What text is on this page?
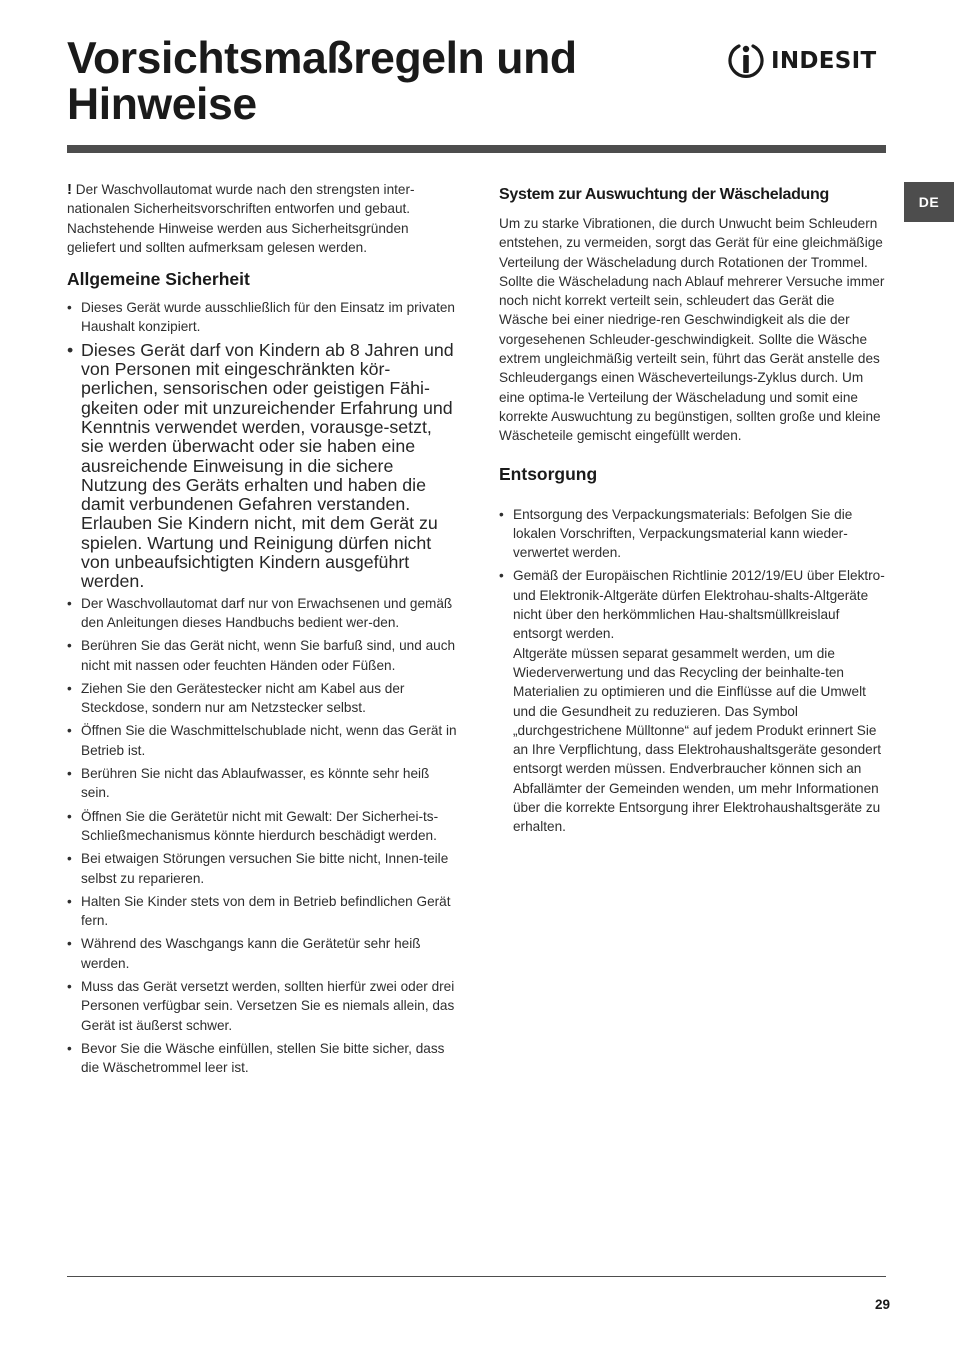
Vorsichtsmaßregeln und Hinweise
INDESIT
DE

! Der Waschvollautomat wurde nach den strengsten inter-nationalen Sicherheitsvorschriften entworfen und gebaut. Nachstehende Hinweise werden aus Sicherheitsgründen geliefert und sollten aufmerksam gelesen werden.

Allgemeine Sicherheit
• Dieses Gerät wurde ausschließlich für den Einsatz im privaten Haushalt konzipiert.
• Dieses Gerät darf von Kindern ab 8 Jahren und von Personen mit eingeschränkten kör-perlichen, sensorischen oder geistigen Fähi-gkeiten oder mit unzureichender Erfahrung und Kenntnis verwendet werden, vorausge-setzt, sie werden überwacht oder sie haben eine ausreichende Einweisung in die sichere Nutzung des Geräts erhalten und haben die damit verbundenen Gefahren verstanden. Erlauben Sie Kindern nicht, mit dem Gerät zu spielen. Wartung und Reinigung dürfen nicht von unbeaufsichtigten Kindern ausgeführt werden.
• Der Waschvollautomat darf nur von Erwachsenen und gemäß den Anleitungen dieses Handbuchs bedient wer-den.
• Berühren Sie das Gerät nicht, wenn Sie barfuß sind, und auch nicht mit nassen oder feuchten Händen oder Füßen.
• Ziehen Sie den Gerätestecker nicht am Kabel aus der Steckdose, sondern nur am Netzstecker selbst.
• Öffnen Sie die Waschmittelschublade nicht, wenn das Gerät in Betrieb ist.
• Berühren Sie nicht das Ablaufwasser, es könnte sehr heiß sein.
• Öffnen Sie die Gerätetür nicht mit Gewalt: Der Sicherhei-ts-Schließmechanismus könnte hierdurch beschädigt werden.
• Bei etwaigen Störungen versuchen Sie bitte nicht, Innen-teile selbst zu reparieren.
• Halten Sie Kinder stets von dem in Betrieb befindlichen Gerät fern.
• Während des Waschgangs kann die Gerätetür sehr heiß werden.
• Muss das Gerät versetzt werden, sollten hierfür zwei oder drei Personen verfügbar sein. Versetzen Sie es niemals allein, das Gerät ist äußerst schwer.
• Bevor Sie die Wäsche einfüllen, stellen Sie bitte sicher, dass die Wäschetrommel leer ist.
System zur Auswuchtung der Wäscheladung

Um zu starke Vibrationen, die durch Unwucht beim Schleudern entstehen, zu vermeiden, sorgt das Gerät für eine gleichmäßige Verteilung der Wäscheladung durch Rotationen der Trommel. Sollte die Wäscheladung nach Ablauf mehrerer Versuche immer noch nicht korrekt verteilt sein, schleudert das Gerät die Wäsche bei einer niedrige-ren Geschwindigkeit als die der vorgesehenen Schleuder-geschwindigkeit. Sollte die Wäsche extrem ungleichmäßig verteilt sein, führt das Gerät anstelle des Schleudergangs einen Wäscheverteilungs-Zyklus durch. Um eine optima-le Verteilung der Wäscheladung und somit eine korrekte Auswuchtung zu begünstigen, sollten große und kleine Wäscheteile gemischt eingefüllt werden.

Entsorgung
• Entsorgung des Verpackungsmaterials: Befolgen Sie die lokalen Vorschriften, Verpackungsmaterial kann wieder-verwertet werden.
• Gemäß der Europäischen Richtlinie 2012/19/EU über Elektro- und Elektronik-Altgeräte dürfen Elektrohau-shalts-Altgeräte nicht über den herkömmlichen Hau-shaltsmüllkreislauf entsorgt werden.
Altgeräte müssen separat gesammelt werden, um die Wiederverwertung und das Recycling der beinhalte-ten Materialien zu optimieren und die Einflüsse auf die Umwelt und die Gesundheit zu reduzieren. Das Symbol „durchgestrichene Mülltonne“ auf jedem Produkt erinnert Sie an Ihre Verpflichtung, dass Elektrohaushaltsgeräte gesondert entsorgt werden müssen. Endverbraucher können sich an Abfallämter der Gemeinden wenden, um mehr Informationen über die korrekte Entsorgung ihrer Elektrohaushaltsgeräte zu erhalten.
29
